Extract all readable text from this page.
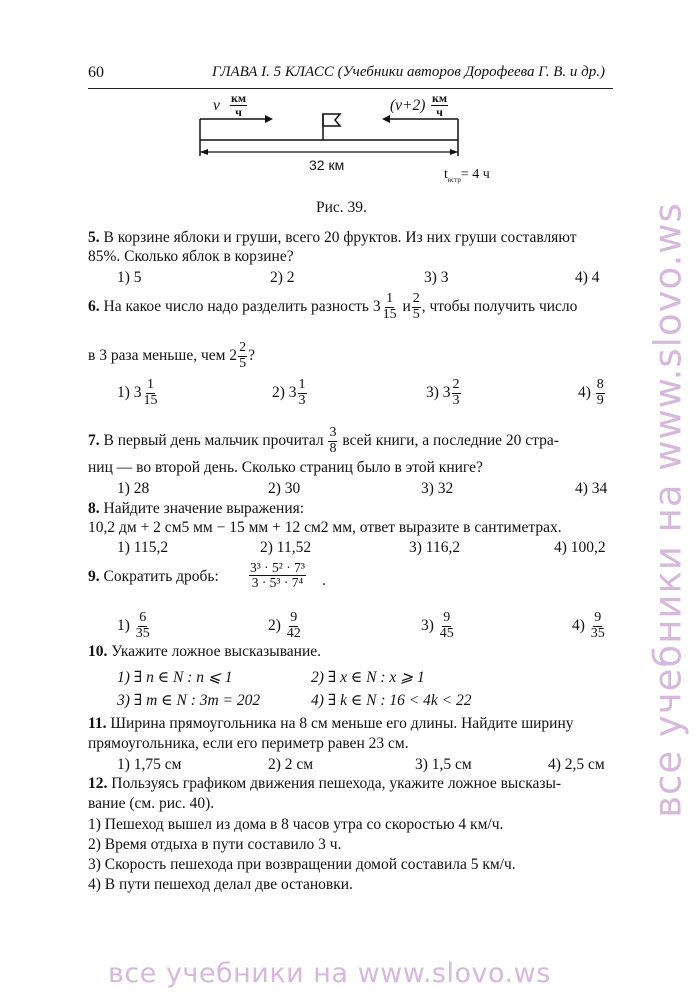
60	ГЛАВА I. 5 КЛАСС (Учебники авторов Дорофеева Г. В. и др.)
v км
ч	(v+2) км
ч
32 км
$t_{встр}= 4$ ч
Рис. 39.
5. В корзине яблоки и груши, всего 20 фруктов. Из них груши составляют
85%. Сколько яблок в корзине?
1) 5	2) 2	3) 3	4) 4
6. На какое число надо разделить разность $3 \frac{1}{15}$ и $\frac{2}{5}$ , чтобы получить число
в 3 раза меньше, чем $2 \frac{2}{5}$ ?
1) $3 \frac{1}{15}$	2) $3 \frac{1}{3}$	3) $3 \frac{2}{3}$	$4) \frac{8}{9}$
7. В первый день мальчик прочитал $\frac{3}{8}$ всей книги, а последние 20 стра-
ниц — во второй день. Сколько страниц было в этой книге?
1) 28	2) 30	3) 32	4) 34
8. Найдите значение выражения:
10,2 дм + 2 см5 мм − 15 мм + 12 см2 мм, ответ выразите в сантиметрах.
1) 115,2	2) 11,52	3) 116,2	4) 100,2
9. Сократить дробь: $\frac{\text{3³ · 5² · 7³}}{\text{3 · 5³ · 7⁴}}$ .
$1) \frac{6}{35}$	$2) \frac{9}{42}$	$3) \frac{9}{45}$	$4) \frac{9}{35}$
10. Укажите ложное высказывание.
1) ∃ n ∈ N : n ⩽ 1	2) ∃ x ∈ N : x ⩾ 1
3) ∃ m ∈ N : 3m = 202	4) ∃ k ∈ N : 16 < 4k < 22
11. Ширина прямоугольника на 8 см меньше его длины. Найдите ширину
прямоугольника, если его периметр равен 23 см.
1) 1,75 см	2) 2 см	3) 1,5 см	4) 2,5 см
12. Пользуясь графиком движения пешехода, укажите ложное высказы-
вание (см. рис. 40).
1) Пешеход вышел из дома в 8 часов утра со скоростью 4 км/ч.
2) Время отдыха в пути составило 3 ч.
3) Скорость пешехода при возвращении домой составила 5 км/ч.
4) В пути пешеход делал две остановки.
все учебники на www.slovo.ws
все учебники на www.slovo.ws
